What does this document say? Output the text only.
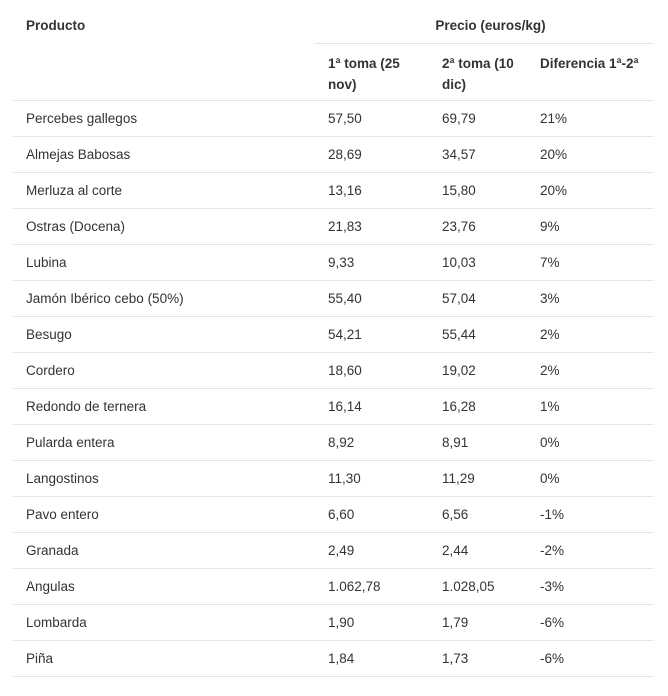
Producto	Precio (euros/kg)		
	1ª toma (25 nov)	2ª toma (10 dic)	Diferencia 1ª-2ª
Percebes gallegos	57,50	69,79	21%
Almejas Babosas	28,69	34,57	20%
Merluza al corte	13,16	15,80	20%
Ostras (Docena)	21,83	23,76	9%
Lubina	9,33	10,03	7%
Jamón Ibérico cebo (50%)	55,40	57,04	3%
Besugo	54,21	55,44	2%
Cordero	18,60	19,02	2%
Redondo de ternera	16,14	16,28	1%
Pularda entera	8,92	8,91	0%
Langostinos	11,30	11,29	0%
Pavo entero	6,60	6,56	-1%
Granada	2,49	2,44	-2%
Angulas	1.062,78	1.028,05	-3%
Lombarda	1,90	1,79	-6%
Piña	1,84	1,73	-6%
